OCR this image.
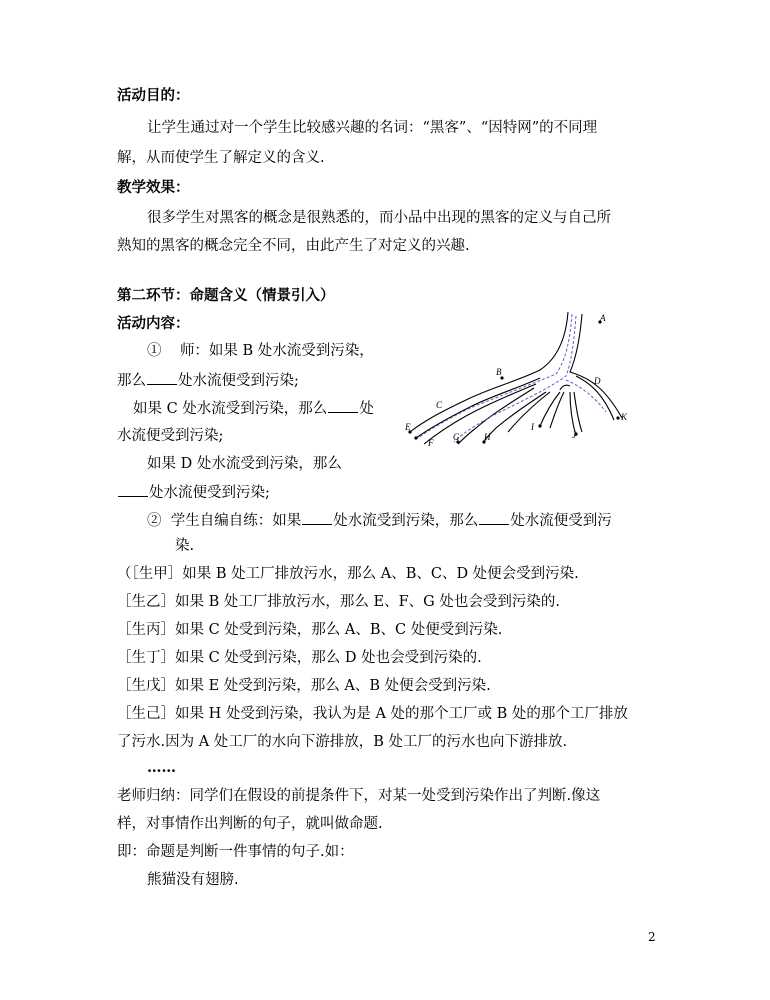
活动目的：
让学生通过对一个学生比较感兴趣的名词：“黑客”、“因特网”的不同理
解，从而使学生了解定义的含义.
教学效果：
很多学生对黑客的概念是很熟悉的，而小品中出现的黑客的定义与自己所
熟知的黑客的概念完全不同，由此产生了对定义的兴趣.
第二环节：命题含义（情景引入）
活动内容：
① 师：如果 B 处水流受到污染，
那么 处水流便受到污染;
如果 C 处水流受到污染，那么 处
水流便受到污染;
如果 D 处水流受到污染，那么
处水流便受到污染;
② 学生自编自练：如果 处水流受到污染，那么 处水流便受到污
染.
（［生甲］如果 B 处工厂排放污水，那么 A、B、C、D 处便会受到污染.
［生乙］如果 B 处工厂排放污水，那么 E、F、G 处也会受到污染的.
［生丙］如果 C 处受到污染，那么 A、B、C 处便受到污染.
［生丁］如果 C 处受到污染，那么 D 处也会受到污染的.
［生戊］如果 E 处受到污染，那么 A、B 处便会受到污染.
［生己］如果 H 处受到污染，我认为是 A 处的那个工厂或 B 处的那个工厂排放
了污水.因为 A 处工厂的水向下游排放，B 处工厂的污水也向下游排放.
……
老师归纳：同学们在假设的前提条件下，对某一处受到污染作出了判断.像这
样，对事情作出判断的句子，就叫做命题.
即：命题是判断一件事情的句子.如：
熊猫没有翅膀.
A
B
C
D
E
F
G	H
I
J
K
2
